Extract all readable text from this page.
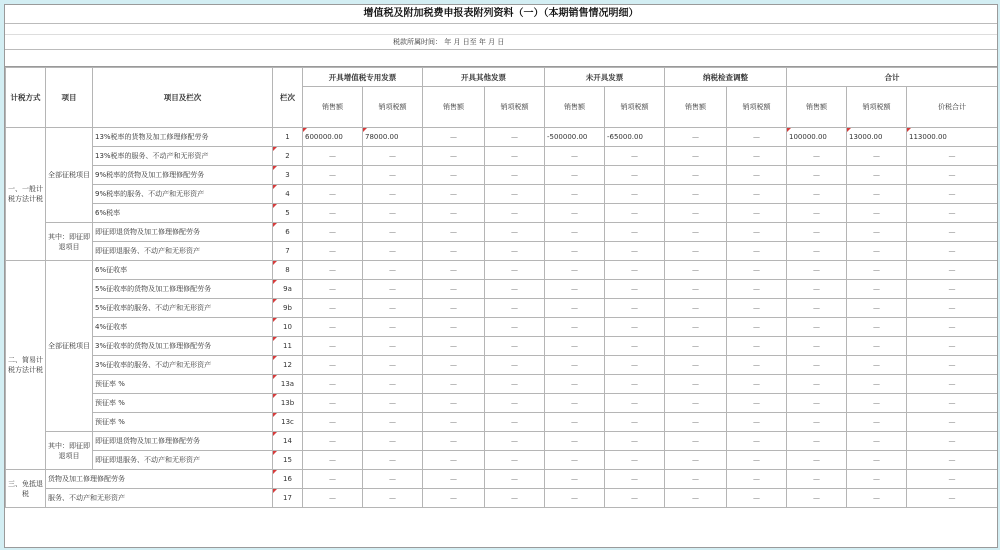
增值税及附加税费申报表附列资料（一）（本期销售情况明细）
税款所属时间： 年 月 日至 年 月 日
计税方式	项目	项目及栏次	栏次	开具增值税专用发票		开具其他发票		未开具发票		纳税检查调整		合计		
				销售额	销项税额	销售额	销项税额	销售额	销项税额	销售额	销项税额	销售额	销项税额	价税合计
一、一般计税方法计税	全部征税项目	13%税率的货物及加工修理修配劳务	1	600000.00	78000.00	—	—	-500000.00	-65000.00	—	—	100000.00	13000.00	113000.00
		13%税率的服务、不动产和无形资产	2	—	—	—	—	—	—	—	—	—	—	—
		9%税率的货物及加工修理修配劳务	3	—	—	—	—	—	—	—	—	—	—	—
		9%税率的服务、不动产和无形资产	4	—	—	—	—	—	—	—	—	—	—	—
		6%税率	5	—	—	—	—	—	—	—	—	—	—	—
	其中：即征即退项目	即征即退货物及加工修理修配劳务	6	—	—	—	—	—	—	—	—	—	—	—
		即征即退服务、不动产和无形资产	7	—	—	—	—	—	—	—	—	—	—	—
二、简易计税方法计税	全部征税项目	6%征收率	8	—	—	—	—	—	—	—	—	—	—	—
		5%征收率的货物及加工修理修配劳务	9a	—	—	—	—	—	—	—	—	—	—	—
		5%征收率的服务、不动产和无形资产	9b	—	—	—	—	—	—	—	—	—	—	—
		4%征收率	10	—	—	—	—	—	—	—	—	—	—	—
		3%征收率的货物及加工修理修配劳务	11	—	—	—	—	—	—	—	—	—	—	—
		3%征收率的服务、不动产和无形资产	12	—	—	—	—	—	—	—	—	—	—	—
		预征率 %	13a	—	—	—	—	—	—	—	—	—	—	—
		预征率 %	13b	—	—	—	—	—	—	—	—	—	—	—
		预征率 %	13c	—	—	—	—	—	—	—	—	—	—	—
	其中：即征即退项目	即征即退货物及加工修理修配劳务	14	—	—	—	—	—	—	—	—	—	—	—
		即征即退服务、不动产和无形资产	15	—	—	—	—	—	—	—	—	—	—	—
三、免抵退税	货物及加工修理修配劳务		16	—	—	—	—	—	—	—	—	—	—	—
	服务、不动产和无形资产		17	—	—	—	—	—	—	—	—	—	—	—
